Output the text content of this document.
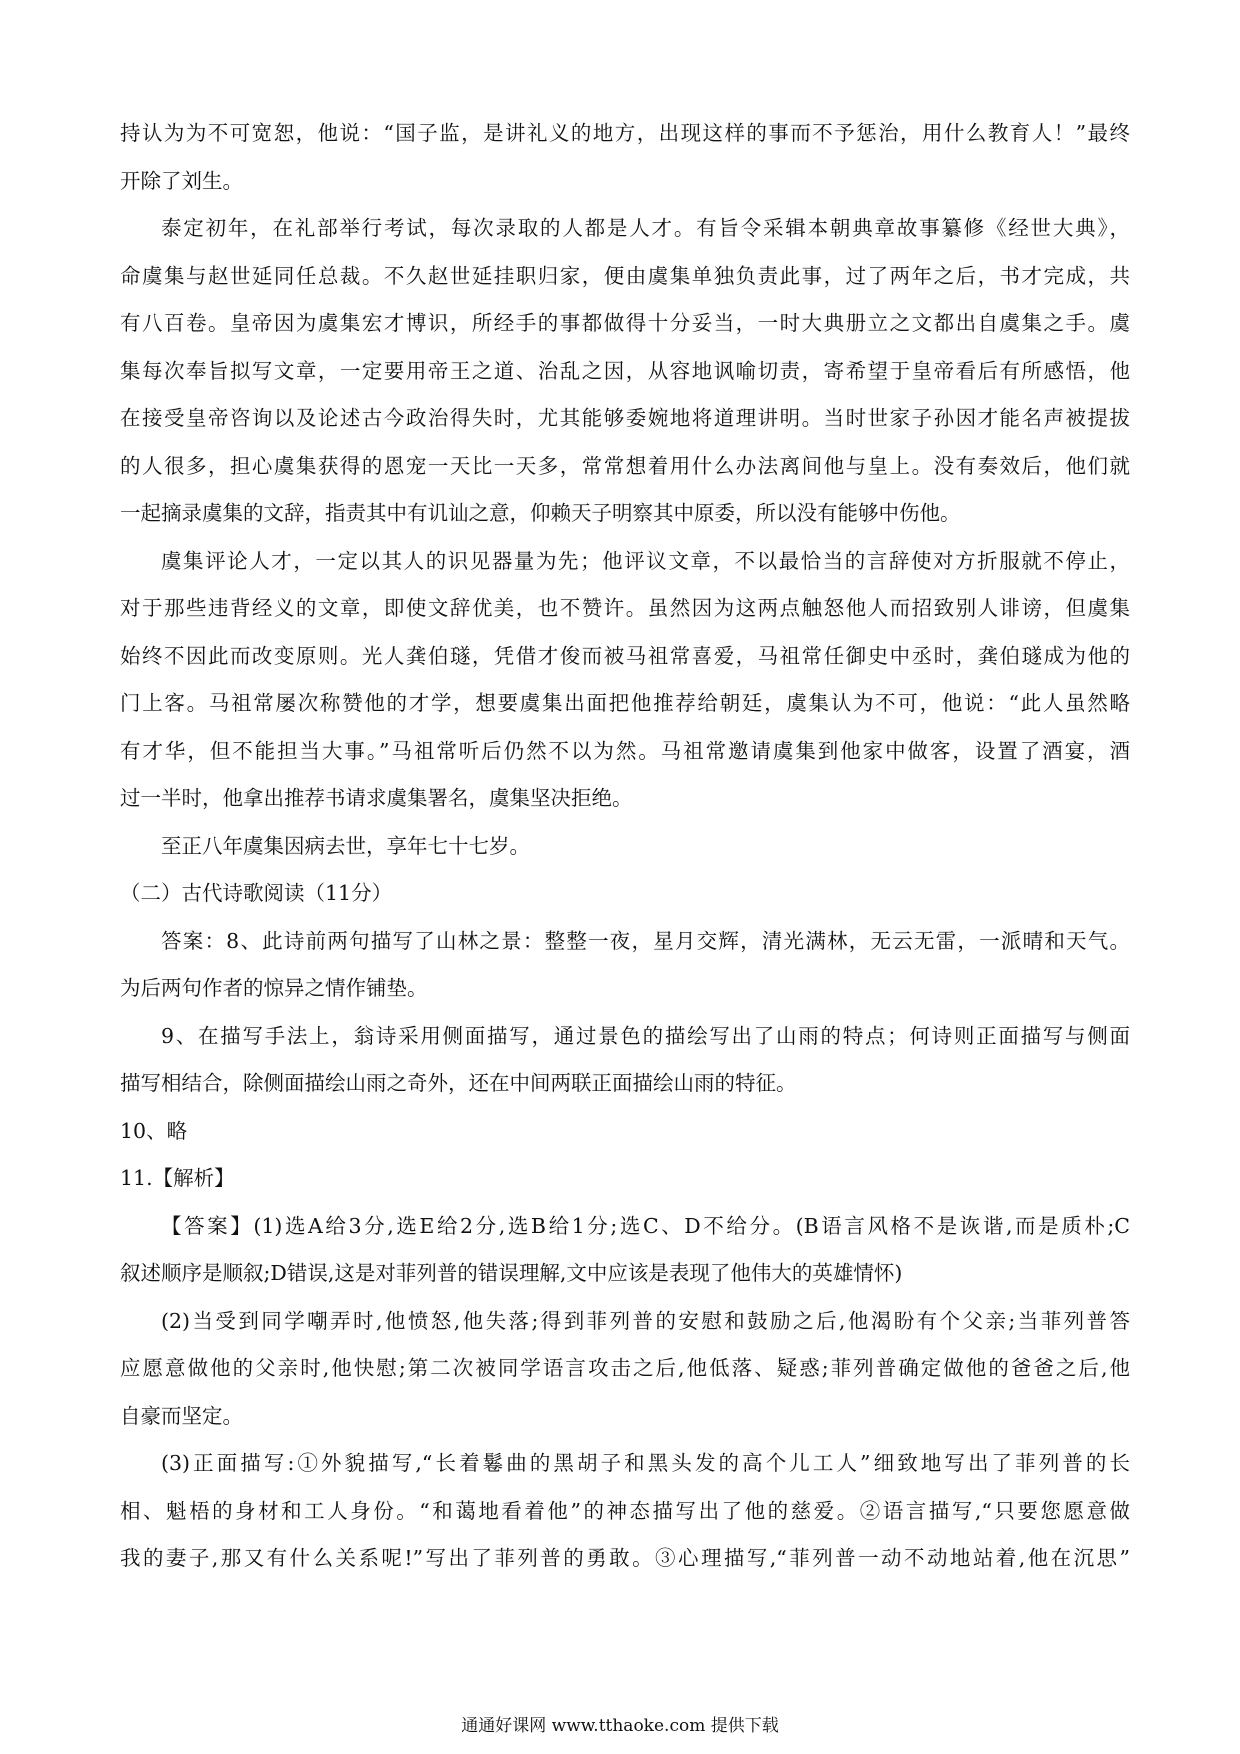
持认为为不可宽恕，他说：“国子监，是讲礼义的地方，出现这样的事而不予惩治，用什么教育人！”最终
开除了刘生。
泰定初年，在礼部举行考试，每次录取的人都是人才。有旨令采辑本朝典章故事纂修《经世大典》，
命虞集与赵世延同任总裁。不久赵世延挂职归家，便由虞集单独负责此事，过了两年之后，书才完成，共
有八百卷。皇帝因为虞集宏才博识，所经手的事都做得十分妥当，一时大典册立之文都出自虞集之手。虞
集每次奉旨拟写文章，一定要用帝王之道、治乱之因，从容地讽喻切责，寄希望于皇帝看后有所感悟，他
在接受皇帝咨询以及论述古今政治得失时，尤其能够委婉地将道理讲明。当时世家子孙因才能名声被提拔
的人很多，担心虞集获得的恩宠一天比一天多，常常想着用什么办法离间他与皇上。没有奏效后，他们就
一起摘录虞集的文辞，指责其中有讥讪之意，仰赖天子明察其中原委，所以没有能够中伤他。
虞集评论人才，一定以其人的识见器量为先；他评议文章，不以最恰当的言辞使对方折服就不停止，
对于那些违背经义的文章，即使文辞优美，也不赞许。虽然因为这两点触怒他人而招致别人诽谤，但虞集
始终不因此而改变原则。光人龚伯璲，凭借才俊而被马祖常喜爱，马祖常任御史中丞时，龚伯璲成为他的
门上客。马祖常屡次称赞他的才学，想要虞集出面把他推荐给朝廷，虞集认为不可，他说：“此人虽然略
有才华，但不能担当大事。”马祖常听后仍然不以为然。马祖常邀请虞集到他家中做客，设置了酒宴，酒
过一半时，他拿出推荐书请求虞集署名，虞集坚决拒绝。
至正八年虞集因病去世，享年七十七岁。
（二）古代诗歌阅读（11分）
答案：8、此诗前两句描写了山林之景：整整一夜，星月交辉，清光满林，无云无雷，一派晴和天气。
为后两句作者的惊异之情作铺垫。
9、在描写手法上，翁诗采用侧面描写，通过景色的描绘写出了山雨的特点；何诗则正面描写与侧面
描写相结合，除侧面描绘山雨之奇外，还在中间两联正面描绘山雨的特征。
10、略
11.【解析】
【答案】(1)选A给3分,选E给2分,选B给1分;选C、D不给分。(B语言风格不是诙谐,而是质朴;C
叙述顺序是顺叙;D错误,这是对菲列普的错误理解,文中应该是表现了他伟大的英雄情怀)
(2)当受到同学嘲弄时,他愤怒,他失落;得到菲列普的安慰和鼓励之后,他渴盼有个父亲;当菲列普答
应愿意做他的父亲时,他快慰;第二次被同学语言攻击之后,他低落、疑惑;菲列普确定做他的爸爸之后,他
自豪而坚定。
(3)正面描写:①外貌描写,“长着鬈曲的黑胡子和黑头发的高个儿工人”细致地写出了菲列普的长
相、魁梧的身材和工人身份。“和蔼地看着他”的神态描写出了他的慈爱。②语言描写,“只要您愿意做
我的妻子,那又有什么关系呢!”写出了菲列普的勇敢。③心理描写,“菲列普一动不动地站着,他在沉思”
通通好课网 www.tthaoke.com 提供下载
